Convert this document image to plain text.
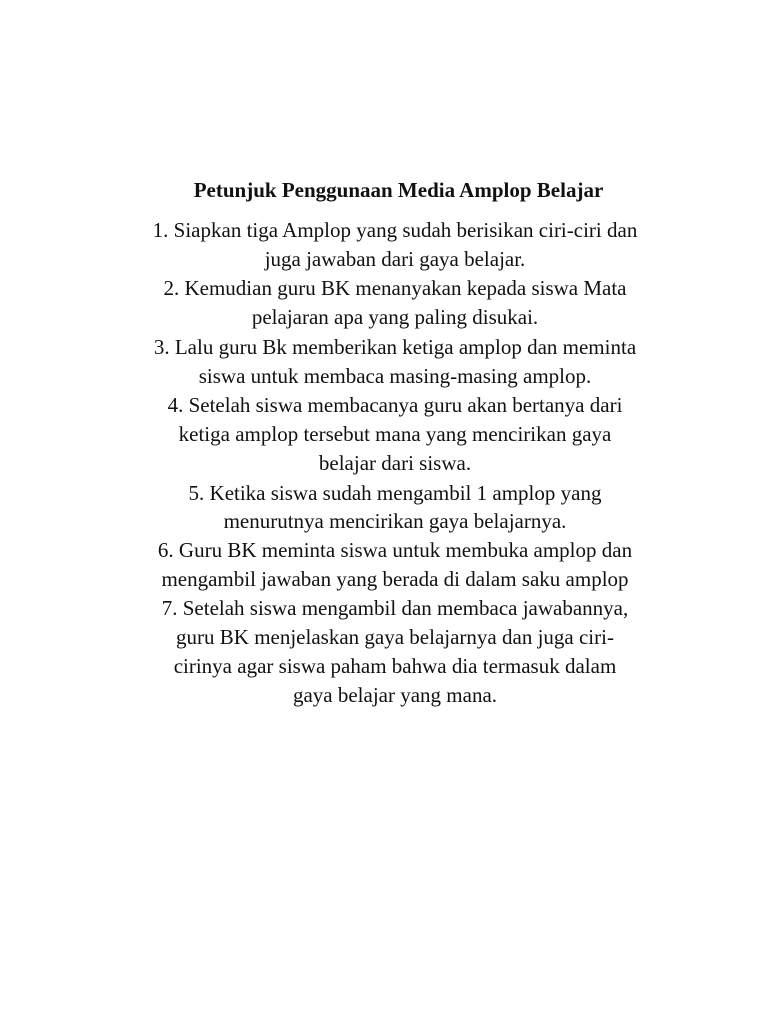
Petunjuk Penggunaan Media Amplop Belajar
1. Siapkan tiga Amplop yang sudah berisikan ciri-ciri dan
juga jawaban dari gaya belajar.
2. Kemudian guru BK menanyakan kepada siswa Mata
pelajaran apa yang paling disukai.
3. Lalu guru Bk memberikan ketiga amplop dan meminta
siswa untuk membaca masing-masing amplop.
4. Setelah siswa membacanya guru akan bertanya dari
ketiga amplop tersebut mana yang mencirikan gaya
belajar dari siswa.
5. Ketika siswa sudah mengambil 1 amplop yang
menurutnya mencirikan gaya belajarnya.
6. Guru BK meminta siswa untuk membuka amplop dan
mengambil jawaban yang berada di dalam saku amplop
7. Setelah siswa mengambil dan membaca jawabannya,
guru BK menjelaskan gaya belajarnya dan juga ciri-
cirinya agar siswa paham bahwa dia termasuk dalam
gaya belajar yang mana.
